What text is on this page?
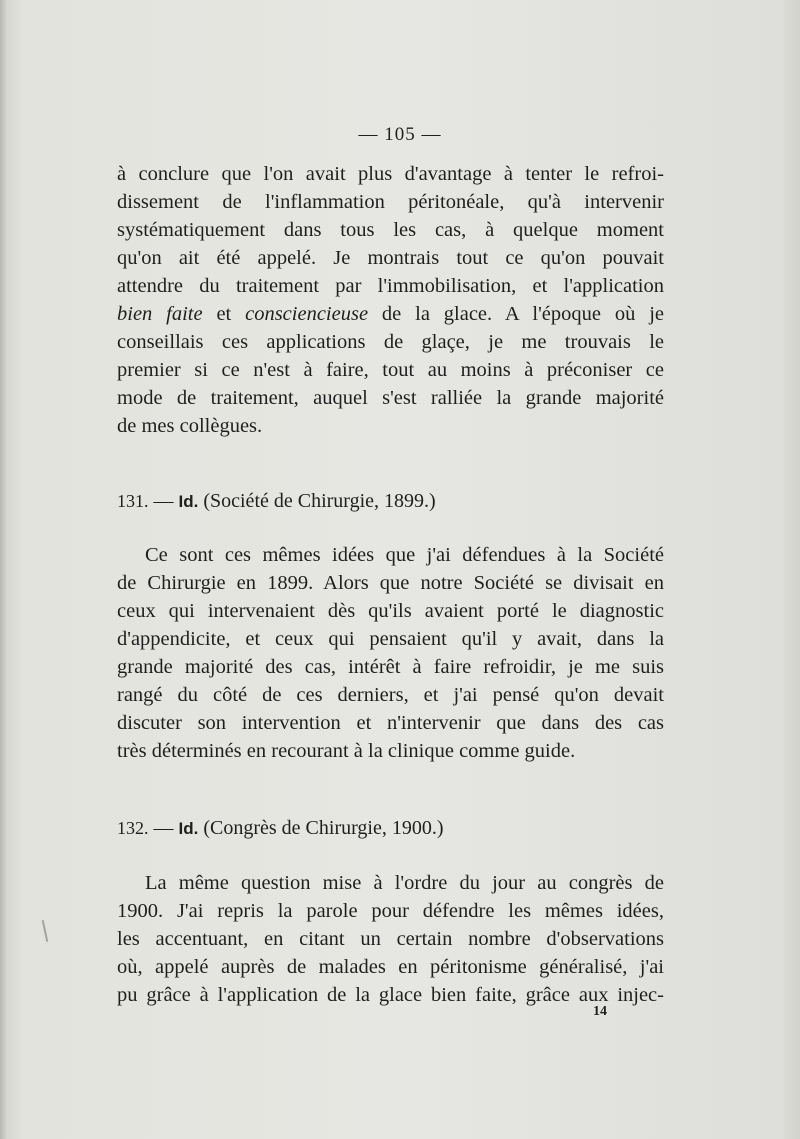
— 105 —
à conclure que l'on avait plus d'avantage à tenter le refroi-
dissement de l'inflammation péritonéale, qu'à intervenir
systématiquement dans tous les cas, à quelque moment
qu'on ait été appelé. Je montrais tout ce qu'on pouvait
attendre du traitement par l'immobilisation, et l'application
bien faite et consciencieuse de la glace. A l'époque où je
conseillais ces applications de glaçe, je me trouvais le
premier si ce n'est à faire, tout au moins à préconiser ce
mode de traitement, auquel s'est ralliée la grande majorité
de mes collègues.
131. — Id. (Société de Chirurgie, 1899.)
Ce sont ces mêmes idées que j'ai défendues à la Société
de Chirurgie en 1899. Alors que notre Société se divisait en
ceux qui intervenaient dès qu'ils avaient porté le diagnostic
d'appendicite, et ceux qui pensaient qu'il y avait, dans la
grande majorité des cas, intérêt à faire refroidir, je me suis
rangé du côté de ces derniers, et j'ai pensé qu'on devait
discuter son intervention et n'intervenir que dans des cas
très déterminés en recourant à la clinique comme guide.
132. — Id. (Congrès de Chirurgie, 1900.)
La même question mise à l'ordre du jour au congrès de
1900. J'ai repris la parole pour défendre les mêmes idées,
les accentuant, en citant un certain nombre d'observations
où, appelé auprès de malades en péritonisme généralisé, j'ai
pu grâce à l'application de la glace bien faite, grâce aux injec-
14
